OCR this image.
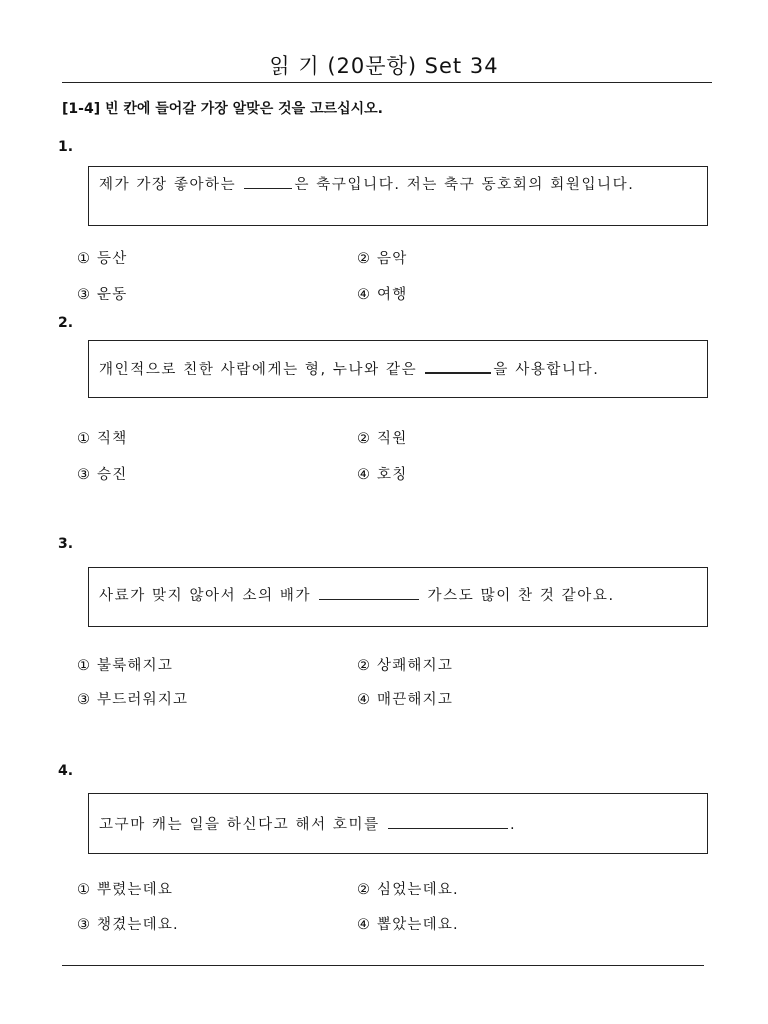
읽 기 (20문항) Set 34
[1-4] 빈 칸에 들어갈 가장 알맞은 것을 고르십시오.
1.
제가 가장 좋아하는	은 축구입니다. 저는 축구 동호회의 회원입니다.
① 등산	② 음악
③ 운동	④ 여행
2.
개인적으로 친한 사람에게는 형, 누나와 같은	을 사용합니다.
① 직책	② 직원
③ 승진	④ 호칭
3.
사료가 맞지 않아서 소의 배가	가스도 많이 찬 것 같아요.
① 불룩해지고	② 상쾌해지고
③ 부드러워지고	④ 매끈해지고
4.
고구마 캐는 일을 하신다고 해서 호미를	.
① 뿌렸는데요	② 심었는데요.
③ 챙겼는데요.	④ 뽑았는데요.
